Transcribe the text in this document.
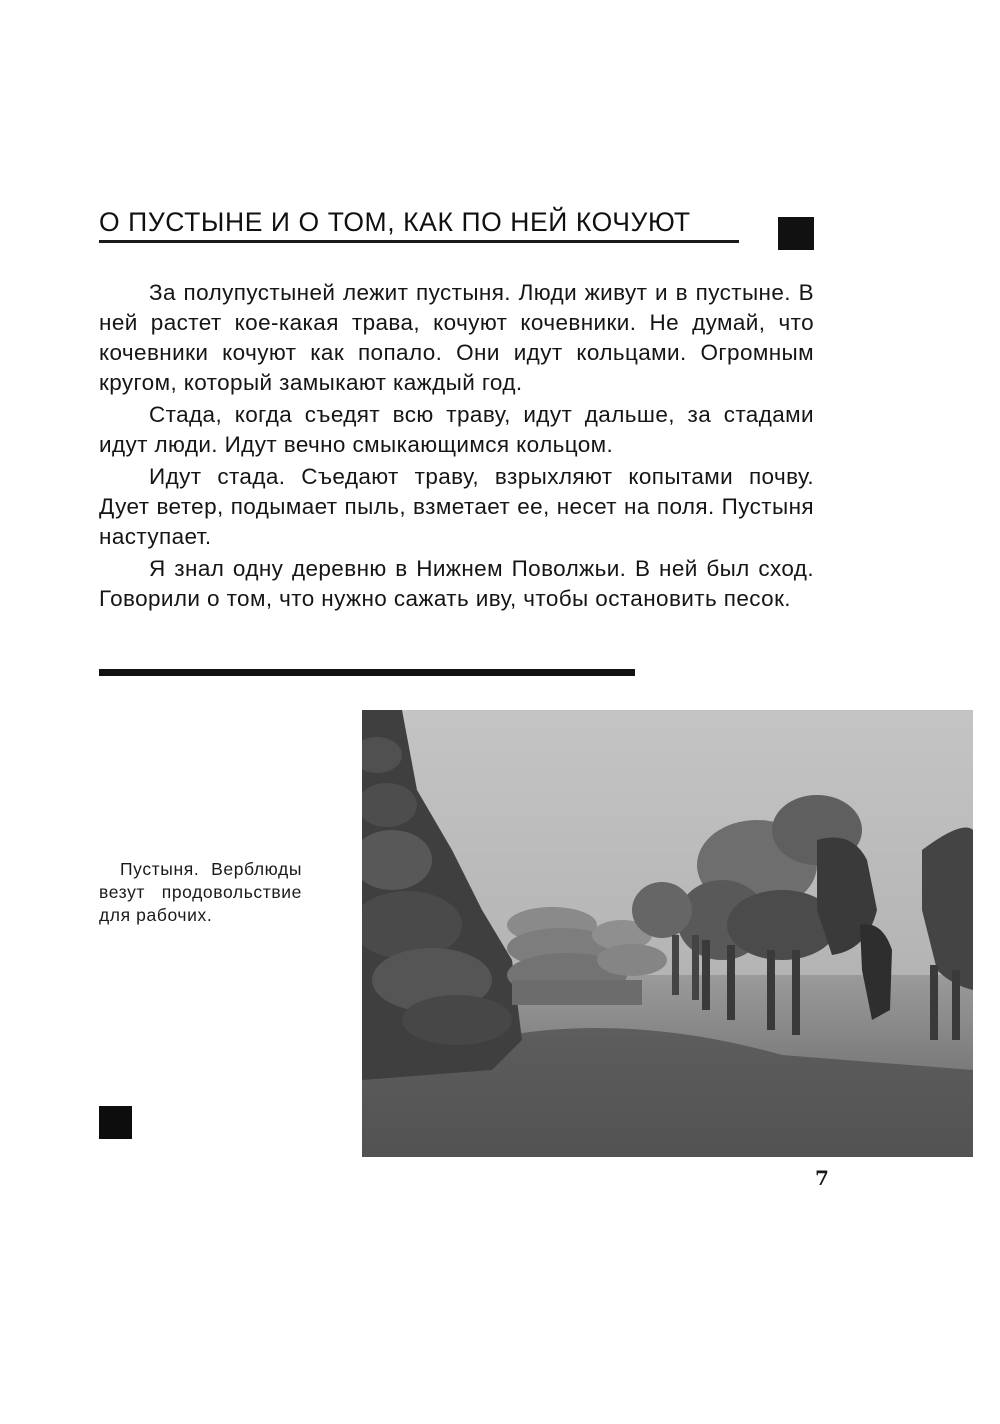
О ПУСТЫНЕ И О ТОМ, КАК ПО НЕЙ КОЧУЮТ

За полупустыней лежит пустыня. Люди живут и в пустыне. В ней растет кое-какая трава, кочуют кочевники. Не думай, что кочевники кочуют как попало. Они идут кольцами. Огромным кругом, который замыкают каждый год.

Стада, когда съедят всю траву, идут дальше, за стадами идут люди. Идут вечно смыкающимся кольцом.

Идут стада. Съедают траву, взрыхляют копытами почву. Дует ветер, подымает пыль, взметает ее, несет на поля. Пустыня наступает.

Я знал одну деревню в Нижнем Поволжьи. В ней был сход. Говорили о том, что нужно сажать иву, чтобы остановить песок.

Пустыня. Верблюды везут продовольствие для рабочих.

7
